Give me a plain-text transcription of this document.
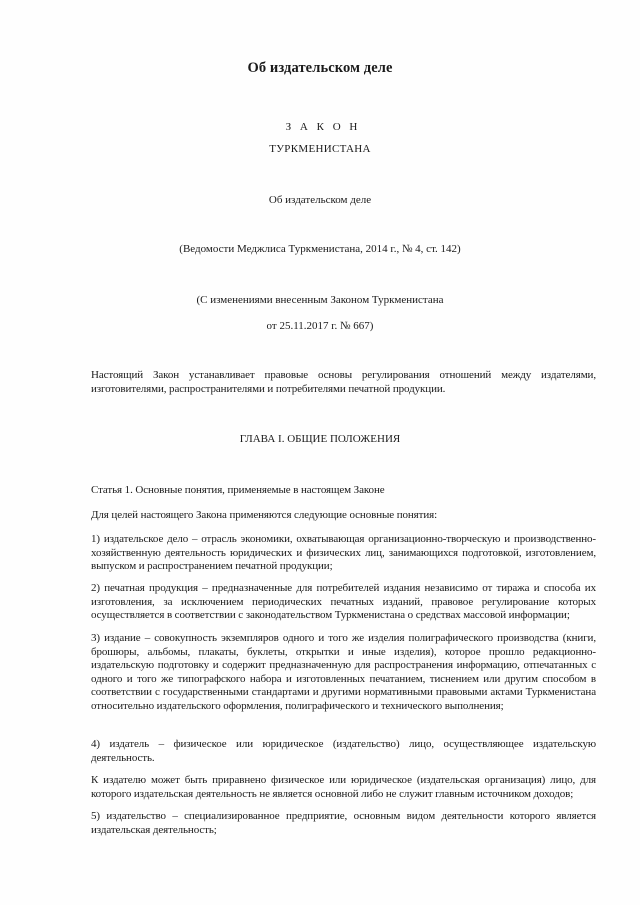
Об издательском деле
З А К О Н
ТУРКМЕНИСТАНА
Об издательском деле
(Ведомости Меджлиса Туркменистана, 2014 г., № 4, ст. 142)
(С изменениями внесенным Законом Туркменистана
от 25.11.2017 г. № 667)
Настоящий Закон устанавливает правовые основы регулирования отношений между издателями, изготовителями, распространителями и потребителями печатной продукции.
ГЛАВА I. ОБЩИЕ ПОЛОЖЕНИЯ
Статья 1. Основные понятия, применяемые в настоящем Законе
Для целей настоящего Закона применяются следующие основные понятия:
1) издательское дело – отрасль экономики, охватывающая организационно-творческую и производственно-хозяйственную деятельность юридических и физических лиц, занимающихся подготовкой, изготовлением, выпуском и распространением печатной продукции;
2) печатная продукция – предназначенные для потребителей издания независимо от тиража и способа их изготовления, за исключением периодических печатных изданий, правовое регулирование которых осуществляется в соответствии с законодательством Туркменистана о средствах массовой информации;
3) издание – совокупность экземпляров одного и того же изделия полиграфического производства (книги, брошюры, альбомы, плакаты, буклеты, открытки и иные изделия), которое прошло редакционно-издательскую подготовку и содержит предназначенную для распространения информацию, отпечатанных с одного и того же типографского набора и изготовленных печатанием, тиснением или другим способом в соответствии с государственными стандартами и другими нормативными правовыми актами Туркменистана относительно издательского оформления, полиграфического и технического выполнения;
4) издатель – физическое или юридическое (издательство) лицо, осуществляющее издательскую деятельность.
К издателю может быть приравнено физическое или юридическое (издательская организация) лицо, для которого издательская деятельность не является основной либо не служит главным источником доходов;
5) издательство – специализированное предприятие, основным видом деятельности которого является издательская деятельность;
